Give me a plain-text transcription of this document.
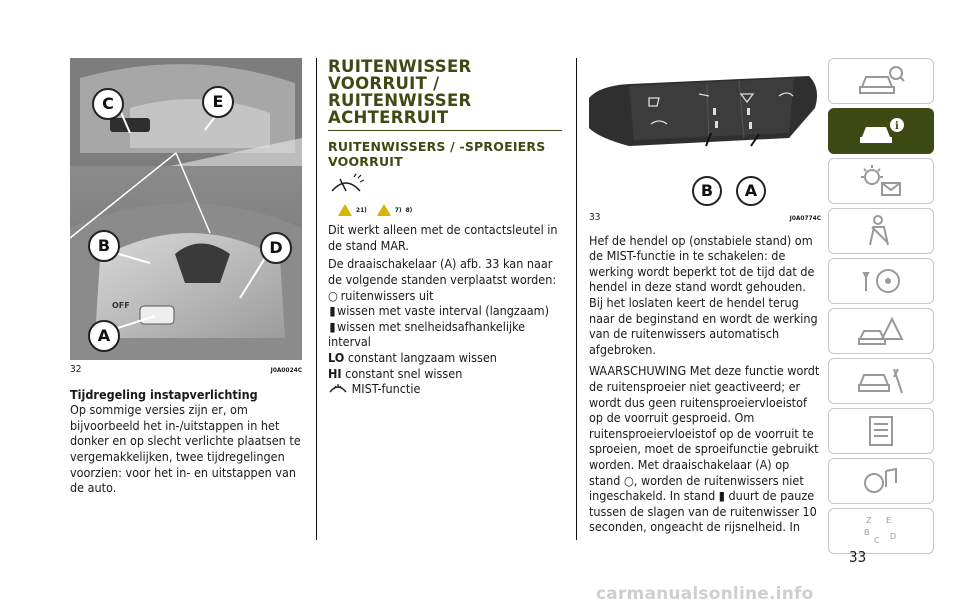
OFF
C	E
B	D
A
32	J0A0024C

Tijdregeling instapverlichting

Op sommige versies zijn er, om bijvoorbeeld het in-/uitstappen in het donker en op slecht verlichte plaatsen te vergemakkelijken, twee tijdregelingen voorzien: voor het in- en uitstappen van de auto.

RUITENWISSER VOORRUIT / RUITENWISSER ACHTERRUIT
RUITENWISSERS / -SPROEIERS VOORRUIT
21)	7) 8)

Dit werkt alleen met de contactsleutel in de stand MAR.

De draaischakelaar (A) afb. 33 kan naar de volgende standen verplaatst worden:

○ ruitenwissers uit

▮wissen met vaste interval (langzaam)

▮wissen met snelheidsafhankelijke interval

LO constant langzaam wissen

HI constant snel wissen

MIST-functie

B	A
33	J0A0774C

Hef de hendel op (onstabiele stand) om de MIST-functie in te schakelen: de werking wordt beperkt tot de tijd dat de hendel in deze stand wordt gehouden. Bij het loslaten keert de hendel terug naar de beginstand en wordt de werking van de ruitenwissers automatisch afgebroken.

WAARSCHUWING Met deze functie wordt de ruitensproeier niet geactiveerd; er wordt dus geen ruitensproeiervloeistof op de voorruit gesproeid. Om ruitensproeiervloeistof op de voorruit te sproeien, moet de sproeifunctie gebruikt worden. Met draaischakelaar (A) op stand ○, worden de ruitenwissers niet ingeschakeld. In stand ▮ duurt de pauze tussen de slagen van de ruitenwisser 10 seconden, ongeacht de rijsnelheid. In

i
Z E
B
C D
33
carmanualsonline.info
